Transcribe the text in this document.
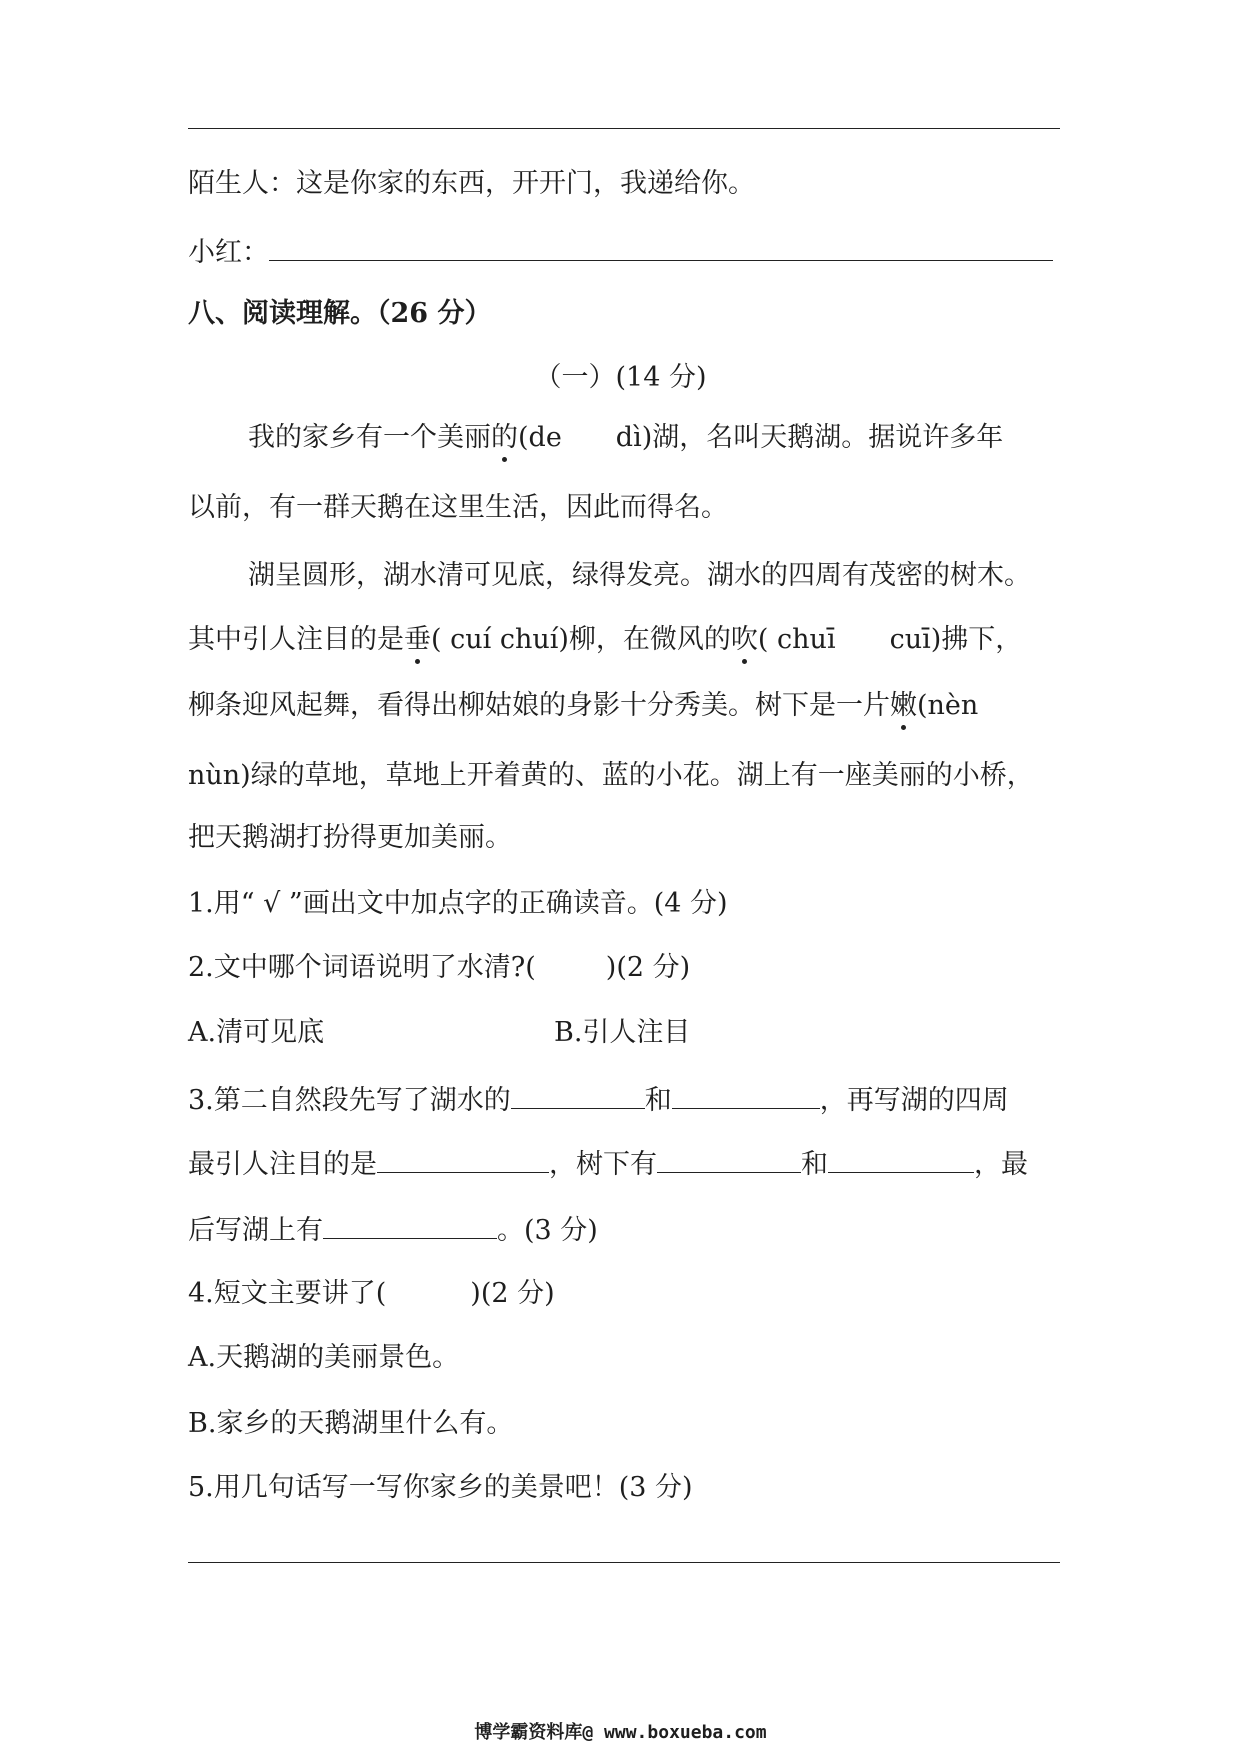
陌生人：这是你家的东西，开开门，我递给你。
小红：
八、阅读理解。（26 分）
（一）(14 分)
我的家乡有一个美丽的(de　　dì)湖，名叫天鹅湖。据说许多年
以前，有一群天鹅在这里生活，因此而得名。
湖呈圆形，湖水清可见底，绿得发亮。湖水的四周有茂密的树木。
其中引人注目的是垂( cuí chuí)柳，在微风的吹( chuī　　cuī)拂下，
柳条迎风起舞，看得出柳姑娘的身影十分秀美。树下是一片嫩(nèn
nùn)绿的草地，草地上开着黄的、蓝的小花。湖上有一座美丽的小桥，
把天鹅湖打扮得更加美丽。
1.用“ √ ”画出文中加点字的正确读音。(4 分)
2.文中哪个词语说明了水清?(	)(2 分)
A.清可见底	B.引人注目
3.第二自然段先写了湖水的	和	，再写湖的四周
最引人注目的是	，树下有	和	，最
后写湖上有	。(3 分)
4.短文主要讲了(	)(2 分)
A.天鹅湖的美丽景色。
B.家乡的天鹅湖里什么有。
5.用几句话写一写你家乡的美景吧！(3 分)
博学霸资料库@ www.boxueba.com
